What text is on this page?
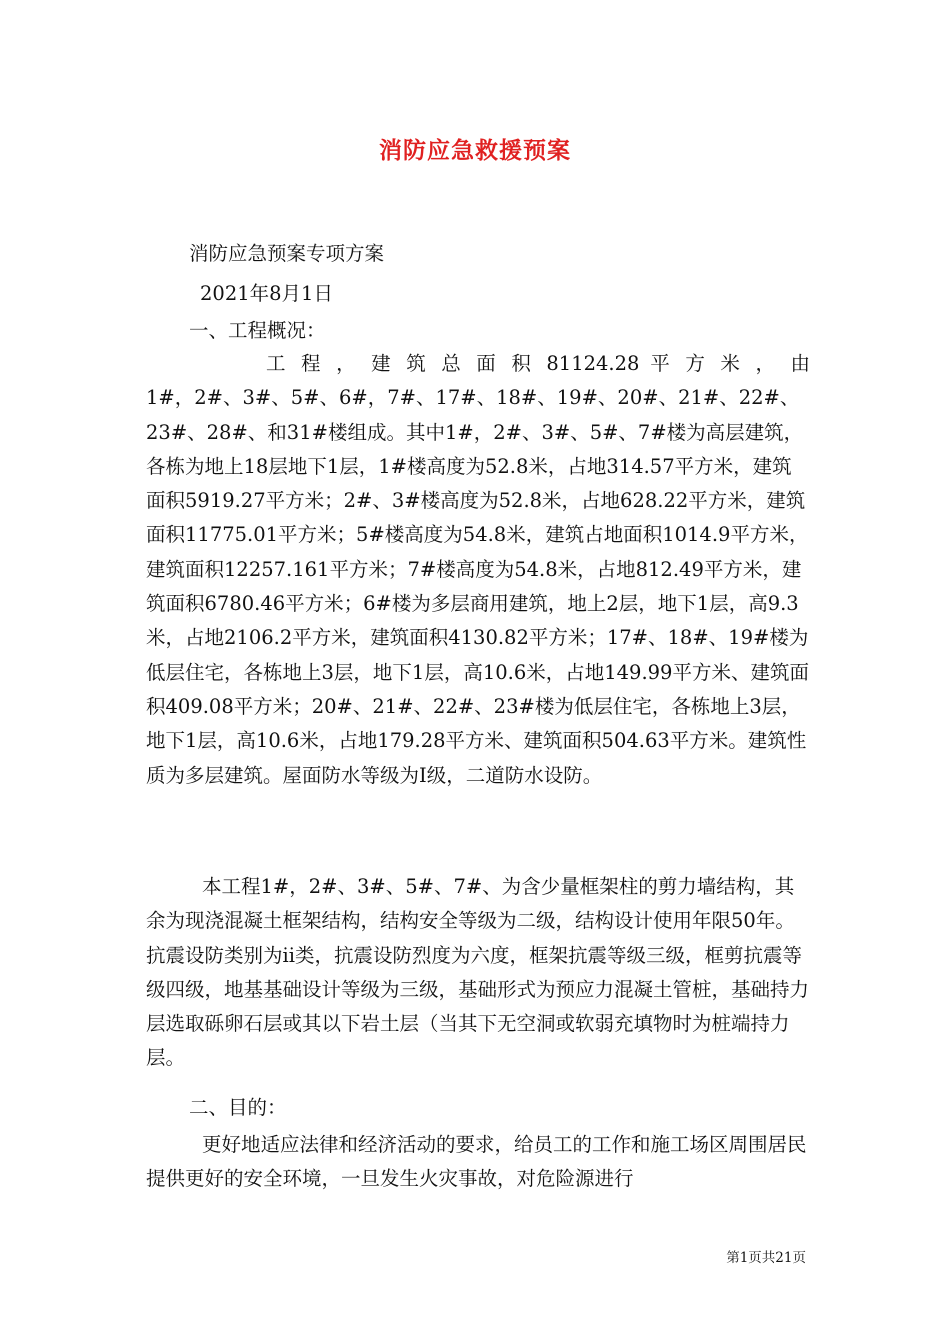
消防应急救援预案
消防应急预案专项方案
2021年8月1日
一、工程概况：
工 程 ， 建 筑 总 面 积 81124.28 平 方 米 ， 由

1#，2#、3#、5#、6#，7#、17#、18#、19#、20#、21#、22#、23#、28#、和31#楼组成。其中1#，2#、3#、5#、7#楼为高层建筑，各栋为地上18层地下1层，1#楼高度为52.8米，占地314.57平方米，建筑面积5919.27平方米；2#、3#楼高度为52.8米，占地628.22平方米，建筑面积11775.01平方米；5#楼高度为54.8米，建筑占地面积1014.9平方米，建筑面积12257.161平方米；7#楼高度为54.8米，占地812.49平方米，建筑面积6780.46平方米；6#楼为多层商用建筑，地上2层，地下1层，高9.3米，占地2106.2平方米，建筑面积4130.82平方米；17#、18#、19#楼为低层住宅，各栋地上3层，地下1层，高10.6米，占地149.99平方米、建筑面积409.08平方米；20#、21#、22#、23#楼为低层住宅，各栋地上3层，地下1层，高10.6米，占地179.28平方米、建筑面积504.63平方米。建筑性质为多层建筑。屋面防水等级为Ⅰ级，二道防水设防。

本工程1#，2#、3#、5#、7#、为含少量框架柱的剪力墙结构，其余为现浇混凝土框架结构，结构安全等级为二级，结构设计使用年限50年。抗震设防类别为ii类，抗震设防烈度为六度，框架抗震等级三级，框剪抗震等级四级，地基基础设计等级为三级，基础形式为预应力混凝土管桩，基础持力层选取砾卵石层或其以下岩土层（当其下无空洞或软弱充填物时为桩端持力层。

二、目的：

更好地适应法律和经济活动的要求，给员工的工作和施工场区周围居民提供更好的安全环境，一旦发生火灾事故，对危险源进行

第1页共21页
